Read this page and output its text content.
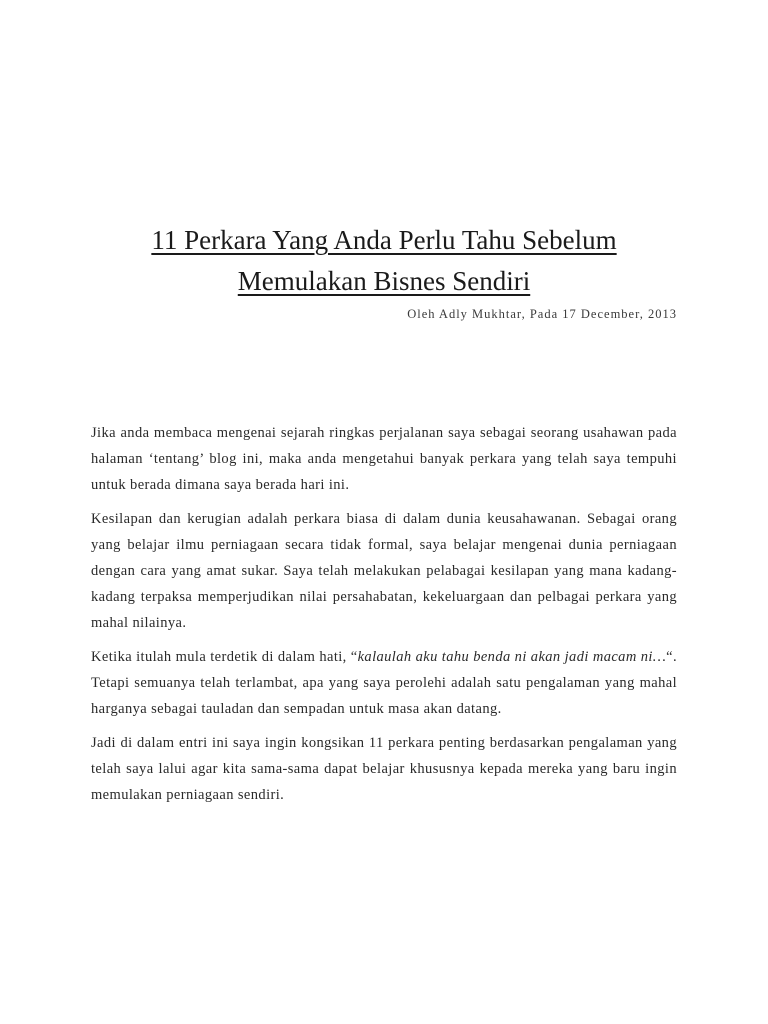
11 Perkara Yang Anda Perlu Tahu Sebelum
Memulakan Bisnes Sendiri
Oleh Adly Mukhtar, Pada 17 December, 2013

Jika anda membaca mengenai sejarah ringkas perjalanan saya sebagai seorang usahawan pada halaman ‘tentang’ blog ini, maka anda mengetahui banyak perkara yang telah saya tempuhi untuk berada dimana saya berada hari ini.

Kesilapan dan kerugian adalah perkara biasa di dalam dunia keusahawanan. Sebagai orang yang belajar ilmu perniagaan secara tidak formal, saya belajar mengenai dunia perniagaan dengan cara yang amat sukar. Saya telah melakukan pelabagai kesilapan yang mana kadang-kadang terpaksa memperjudikan nilai persahabatan, kekeluargaan dan pelbagai perkara yang mahal nilainya.

Ketika itulah mula terdetik di dalam hati, “kalaulah aku tahu benda ni akan jadi macam ni…“. Tetapi semuanya telah terlambat, apa yang saya perolehi adalah satu pengalaman yang mahal harganya sebagai tauladan dan sempadan untuk masa akan datang.

Jadi di dalam entri ini saya ingin kongsikan 11 perkara penting berdasarkan pengalaman yang telah saya lalui agar kita sama-sama dapat belajar khususnya kepada mereka yang baru ingin memulakan perniagaan sendiri.
